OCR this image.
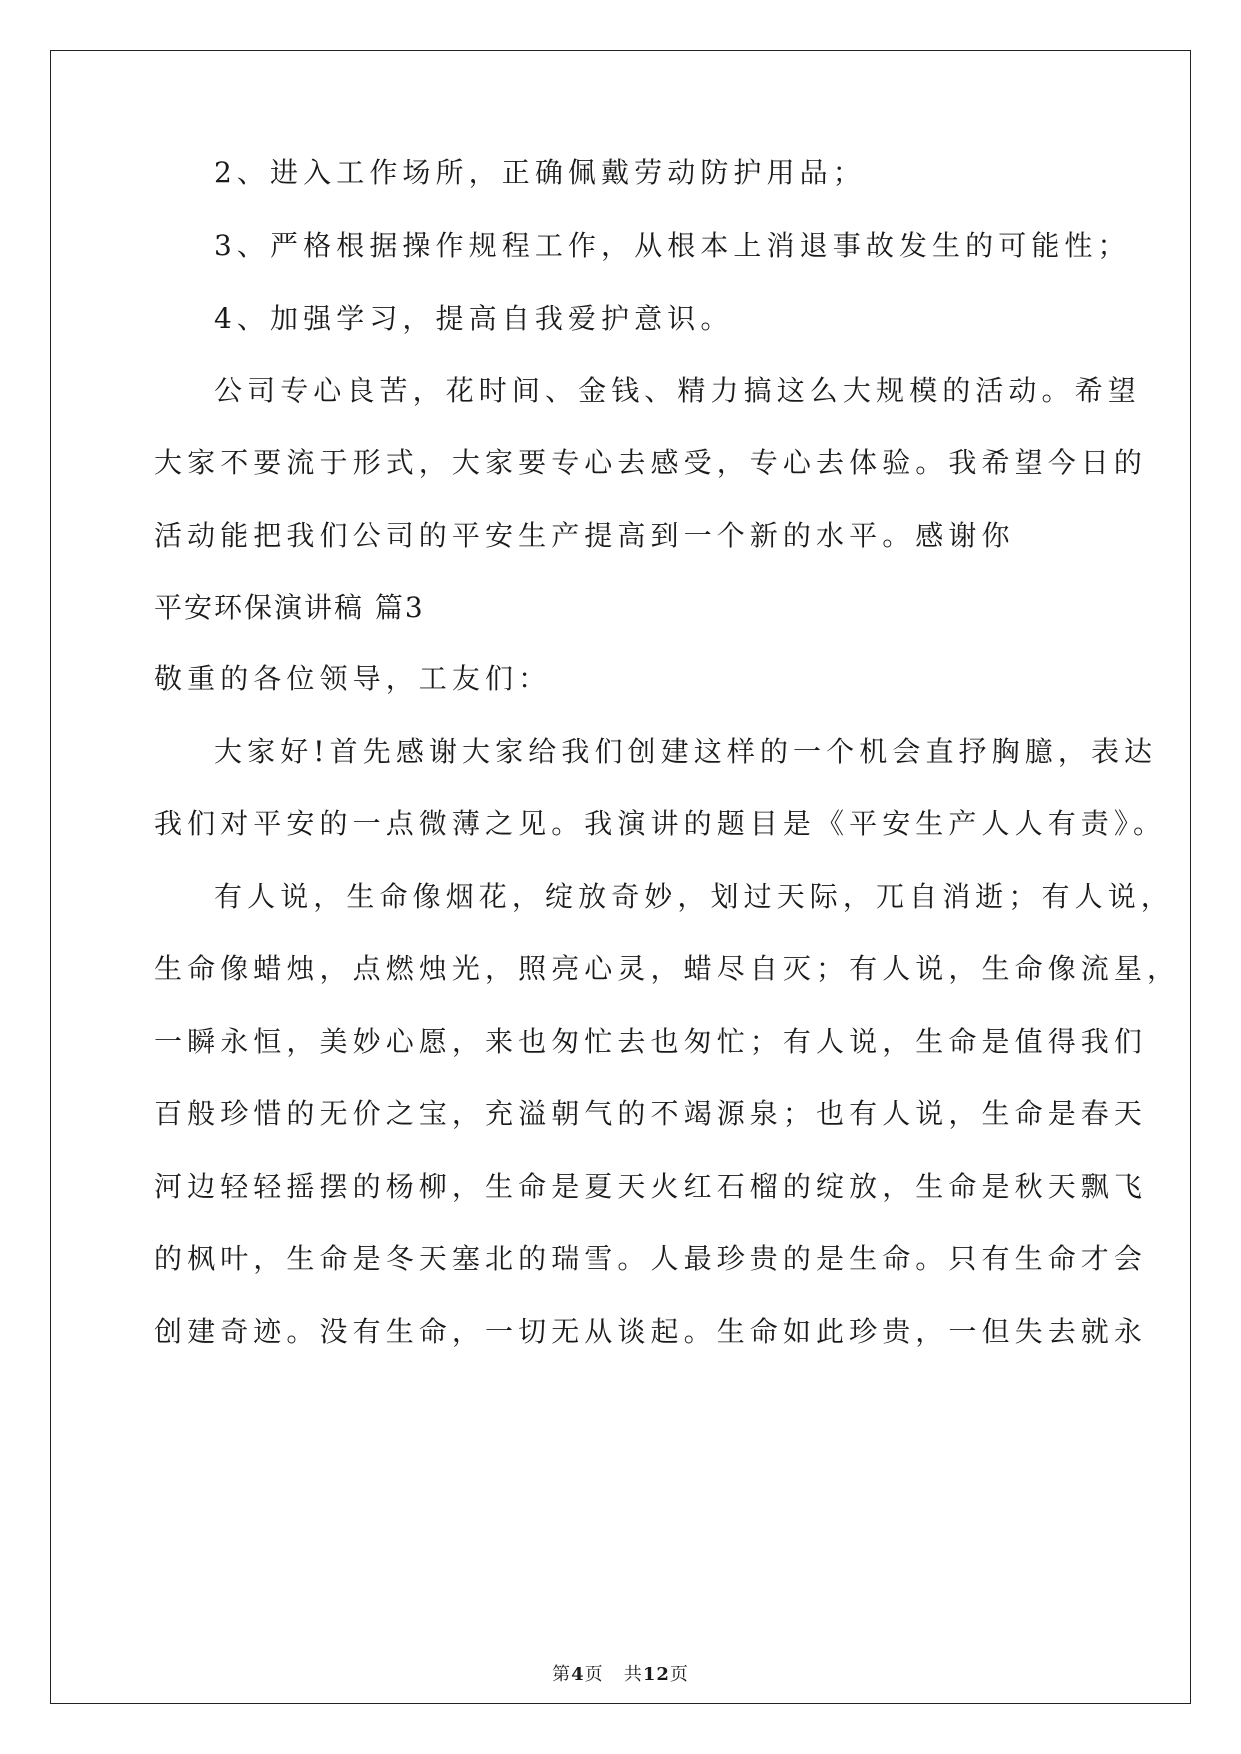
2、进入工作场所，正确佩戴劳动防护用品；
3、严格根据操作规程工作，从根本上消退事故发生的可能性；
4、加强学习，提高自我爱护意识。
公司专心良苦，花时间、金钱、精力搞这么大规模的活动。希望
大家不要流于形式，大家要专心去感受，专心去体验。我希望今日的
活动能把我们公司的平安生产提高到一个新的水平。感谢你
平安环保演讲稿 篇3
敬重的各位领导，工友们：
大家好!首先感谢大家给我们创建这样的一个机会直抒胸臆，表达
我们对平安的一点微薄之见。我演讲的题目是《平安生产人人有责》。
有人说，生命像烟花，绽放奇妙，划过天际，兀自消逝；有人说，
生命像蜡烛，点燃烛光，照亮心灵，蜡尽自灭；有人说，生命像流星，
一瞬永恒，美妙心愿，来也匆忙去也匆忙；有人说，生命是值得我们
百般珍惜的无价之宝，充溢朝气的不竭源泉；也有人说，生命是春天
河边轻轻摇摆的杨柳，生命是夏天火红石榴的绽放，生命是秋天飘飞
的枫叶，生命是冬天塞北的瑞雪。人最珍贵的是生命。只有生命才会
创建奇迹。没有生命，一切无从谈起。生命如此珍贵，一但失去就永
第4页 共12页
